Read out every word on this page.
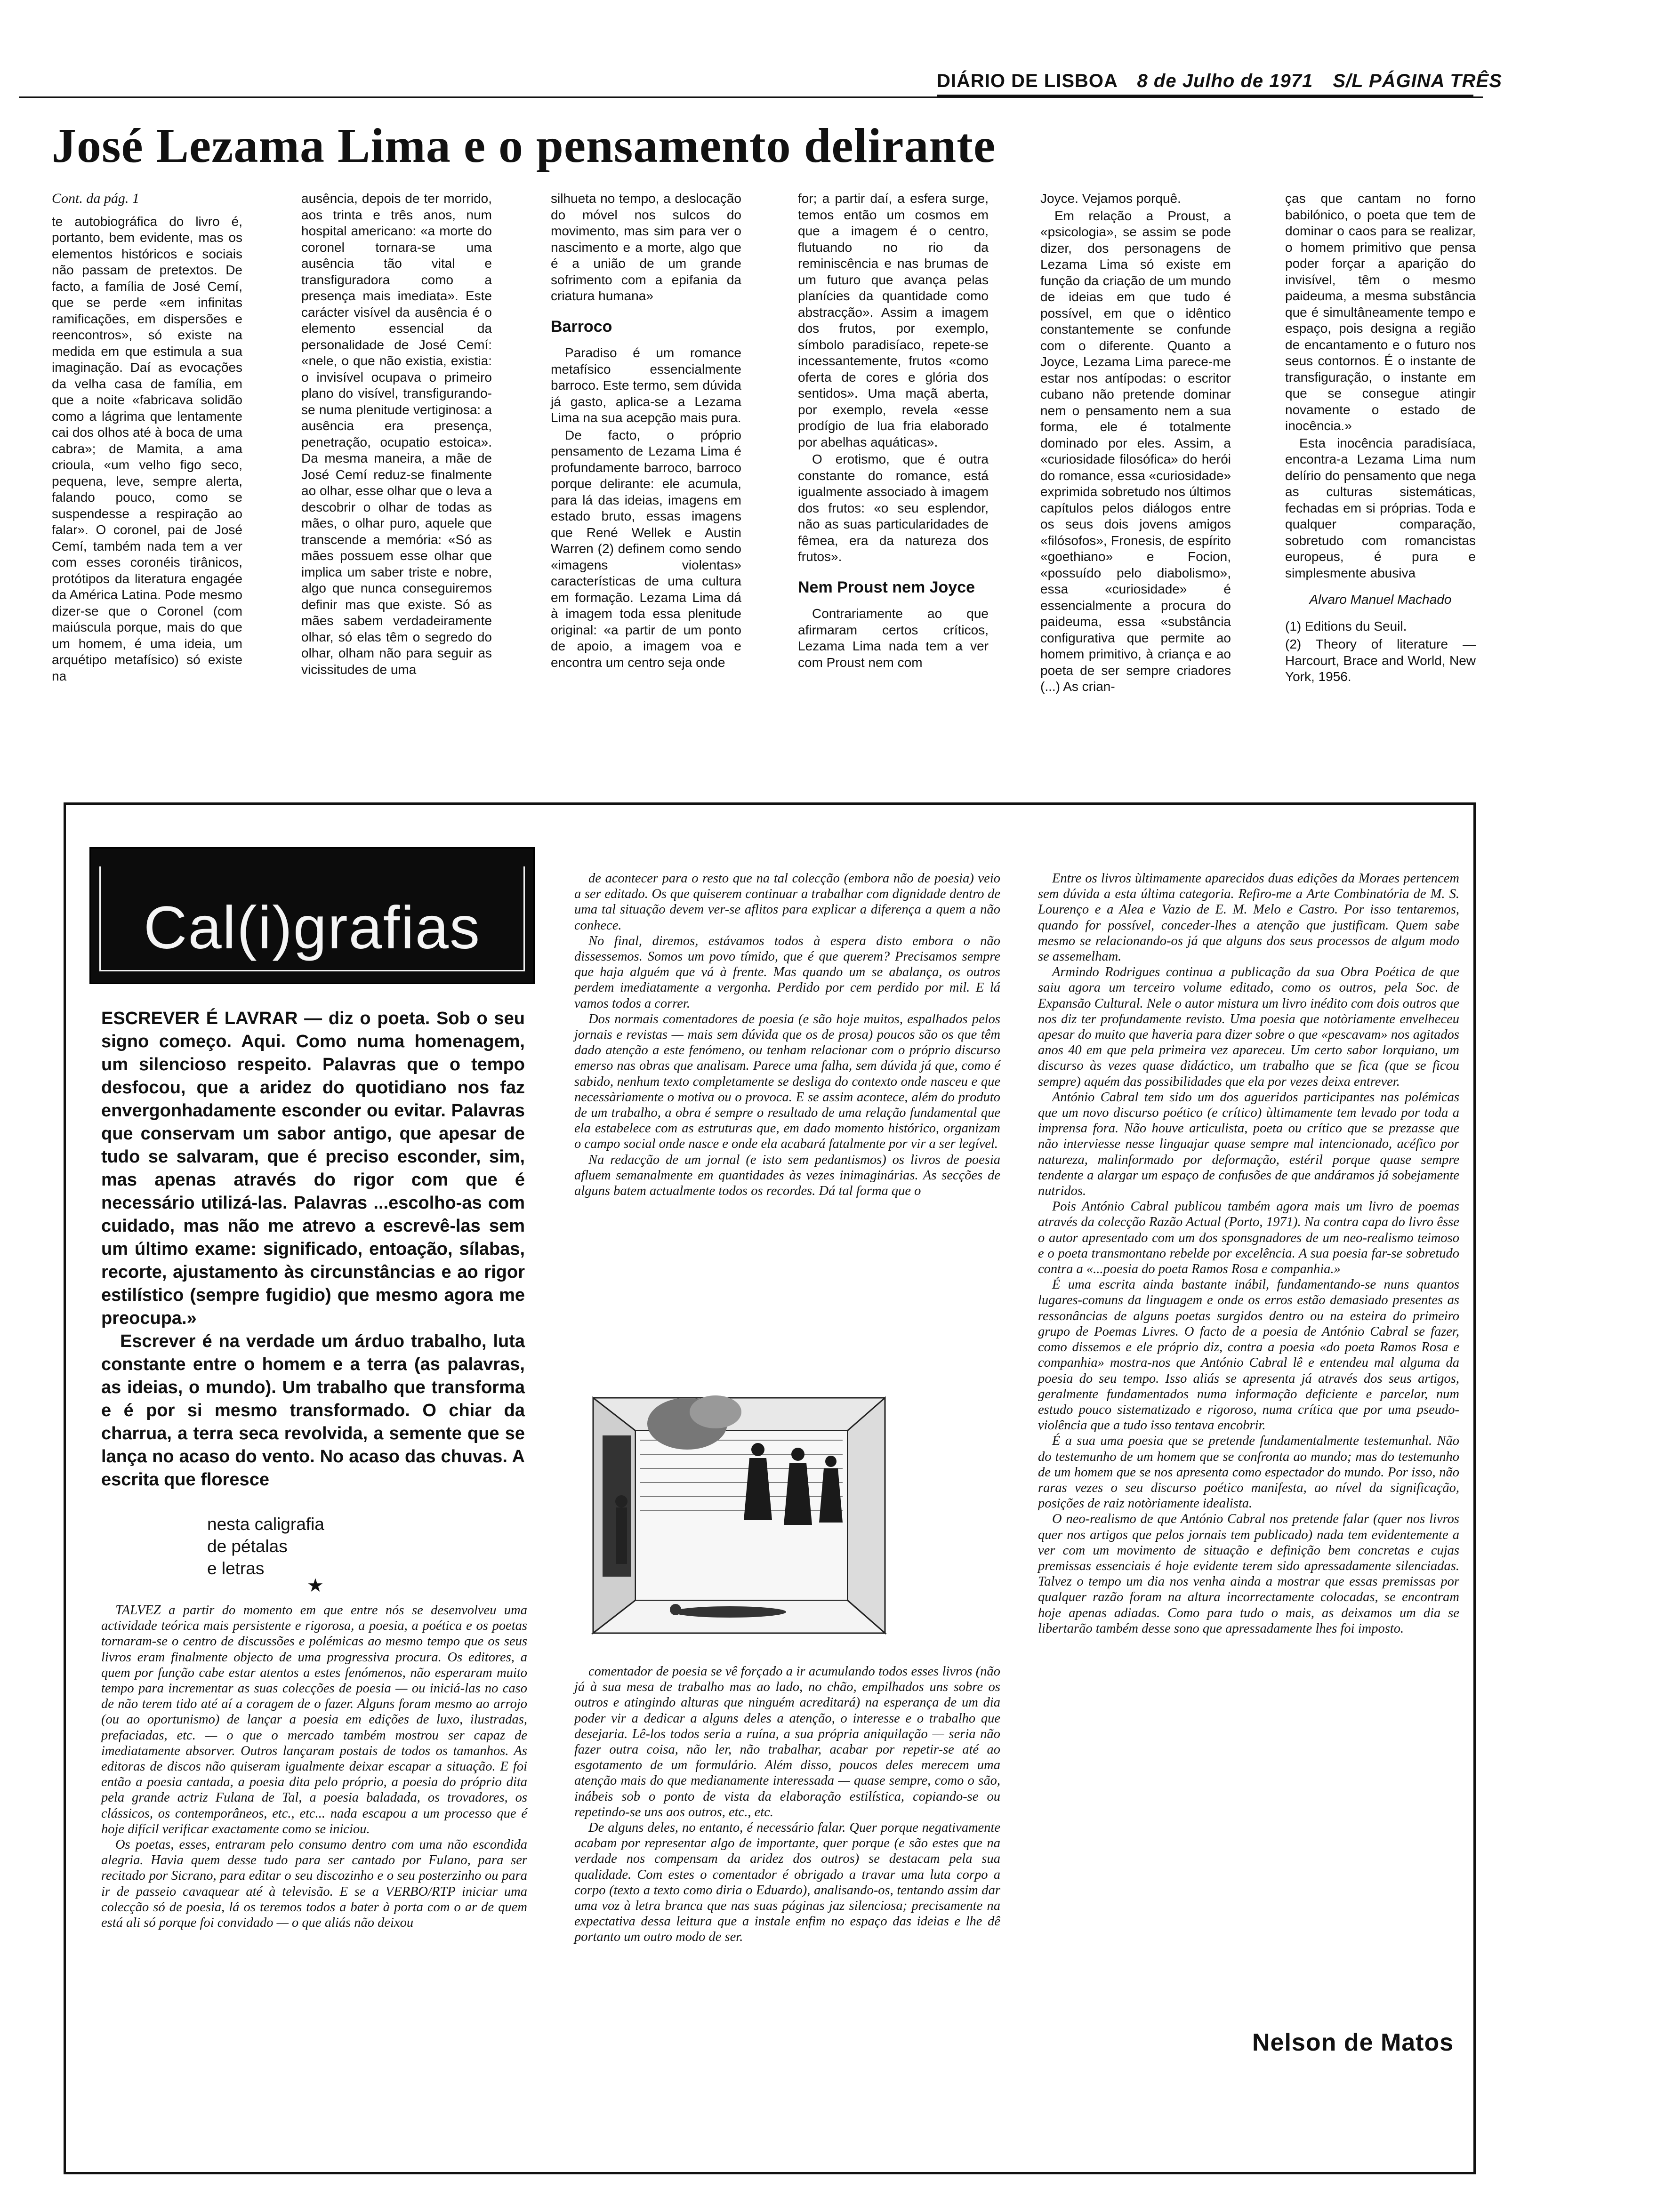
DIÁRIO DE LISBOA 8 de Julho de 1971 S/L PÁGINA TRÊS
José Lezama Lima e o pensamento delirante
Cont. da pág. 1

te autobiográfica do livro é, portanto, bem evidente, mas os elementos históricos e sociais não passam de pretextos. De facto, a família de José Cemí, que se perde «em infinitas ramificações, em dispersões e reencontros», só existe na medida em que estimula a sua imaginação. Daí as evocações da velha casa de família, em que a noite «fabricava solidão como a lágrima que lentamente cai dos olhos até à boca de uma cabra»; de Mamita, a ama crioula, «um velho figo seco, pequena, leve, sempre alerta, falando pouco, como se suspendesse a respiração ao falar». O coronel, pai de José Cemí, também nada tem a ver com esses coronéis tirânicos, protótipos da literatura engagée da América Latina. Pode mesmo dizer-se que o Coronel (com maiúscula porque, mais do que um homem, é uma ideia, um arquétipo metafísico) só existe na

ausência, depois de ter morrido, aos trinta e três anos, num hospital americano: «a morte do coronel tornara-se uma ausência tão vital e transfiguradora como a presença mais imediata». Este carácter visível da ausência é o elemento essencial da personalidade de José Cemí: «nele, o que não existia, existia: o invisível ocupava o primeiro plano do visível, transfigurando-se numa plenitude vertiginosa: a ausência era presença, penetração, ocupatio estoica». Da mesma maneira, a mãe de José Cemí reduz-se finalmente ao olhar, esse olhar que o leva a descobrir o olhar de todas as mães, o olhar puro, aquele que transcende a memória: «Só as mães possuem esse olhar que implica um saber triste e nobre, algo que nunca conseguiremos definir mas que existe. Só as mães sabem verdadeiramente olhar, só elas têm o segredo do olhar, olham não para seguir as vicissitudes de uma

silhueta no tempo, a deslocação do móvel nos sulcos do movimento, mas sim para ver o nascimento e a morte, algo que é a união de um grande sofrimento com a epifania da criatura humana»

Barroco

Paradiso é um romance metafísico essencialmente barroco. Este termo, sem dúvida já gasto, aplica-se a Lezama Lima na sua acepção mais pura.

De facto, o próprio pensamento de Lezama Lima é profundamente barroco, barroco porque delirante: ele acumula, para lá das ideias, imagens em estado bruto, essas imagens que René Wellek e Austin Warren (2) definem como sendo «imagens violentas» características de uma cultura em formação. Lezama Lima dá à imagem toda essa plenitude original: «a partir de um ponto de apoio, a imagem voa e encontra um centro seja onde

for; a partir daí, a esfera surge, temos então um cosmos em que a imagem é o centro, flutuando no rio da reminiscência e nas brumas de um futuro que avança pelas planícies da quantidade como abstracção». Assim a imagem dos frutos, por exemplo, símbolo paradisíaco, repete-se incessantemente, frutos «como oferta de cores e glória dos sentidos». Uma maçã aberta, por exemplo, revela «esse prodígio de lua fria elaborado por abelhas aquáticas».

O erotismo, que é outra constante do romance, está igualmente associado à imagem dos frutos: «o seu esplendor, não as suas particularidades de fêmea, era da natureza dos frutos».

Nem Proust nem Joyce

Contrariamente ao que afirmaram certos críticos, Lezama Lima nada tem a ver com Proust nem com

Joyce. Vejamos porquê.

Em relação a Proust, a «psicologia», se assim se pode dizer, dos personagens de Lezama Lima só existe em função da criação de um mundo de ideias em que tudo é possível, em que o idêntico constantemente se confunde com o diferente. Quanto a Joyce, Lezama Lima parece-me estar nos antípodas: o escritor cubano não pretende dominar nem o pensamento nem a sua forma, ele é totalmente dominado por eles. Assim, a «curiosidade filosófica» do herói do romance, essa «curiosidade» exprimida sobretudo nos últimos capítulos pelos diálogos entre os seus dois jovens amigos «filósofos», Fronesis, de espírito «goethiano» e Focion, «possuído pelo diabolismo», essa «curiosidade» é essencialmente a procura do paideuma, essa «substância configurativa que permite ao homem primitivo, à criança e ao poeta de ser sempre criadores (...) As crian-

ças que cantam no forno babilónico, o poeta que tem de dominar o caos para se realizar, o homem primitivo que pensa poder forçar a aparição do invisível, têm o mesmo paideuma, a mesma substância que é simultâneamente tempo e espaço, pois designa a região de encantamento e o futuro nos seus contornos. É o instante de transfiguração, o instante em que se consegue atingir novamente o estado de inocência.»

Esta inocência paradisíaca, encontra-a Lezama Lima num delírio do pensamento que nega as culturas sistemáticas, fechadas em si próprias. Toda e qualquer comparação, sobretudo com romancistas europeus, é pura e simplesmente abusiva

Alvaro Manuel Machado
(1) Editions du Seuil.
(2) Theory of literature — Harcourt, Brace and World, New York, 1956.
Cal(i)grafias

ESCREVER É LAVRAR — diz o poeta. Sob o seu signo começo. Aqui. Como numa homenagem, um silencioso respeito. Palavras que o tempo desfocou, que a aridez do quotidiano nos faz envergonhadamente esconder ou evitar. Palavras que conservam um sabor antigo, que apesar de tudo se salvaram, que é preciso esconder, sim, mas apenas através do rigor com que é necessário utilizá-las. Palavras ...escolho-as com cuidado, mas não me atrevo a escrevê-las sem um último exame: significado, entoação, sílabas, recorte, ajustamento às circunstâncias e ao rigor estilístico (sempre fugidio) que mesmo agora me preocupa.»

Escrever é na verdade um árduo trabalho, luta constante entre o homem e a terra (as palavras, as ideias, o mundo). Um trabalho que transforma e é por si mesmo transformado. O chiar da charrua, a terra seca revolvida, a semente que se lança no acaso do vento. No acaso das chuvas. A escrita que floresce

nesta caligrafia
de pétalas
e letras
★

TALVEZ a partir do momento em que entre nós se desenvolveu uma actividade teórica mais persistente e rigorosa, a poesia, a poética e os poetas tornaram-se o centro de discussões e polémicas ao mesmo tempo que os seus livros eram finalmente objecto de uma progressiva procura. Os editores, a quem por função cabe estar atentos a estes fenómenos, não esperaram muito tempo para incrementar as suas colecções de poesia — ou iniciá-las no caso de não terem tido até aí a coragem de o fazer. Alguns foram mesmo ao arrojo (ou ao oportunismo) de lançar a poesia em edições de luxo, ilustradas, prefaciadas, etc. — o que o mercado também mostrou ser capaz de imediatamente absorver. Outros lançaram postais de todos os tamanhos. As editoras de discos não quiseram igualmente deixar escapar a situação. E foi então a poesia cantada, a poesia dita pelo próprio, a poesia do próprio dita pela grande actriz Fulana de Tal, a poesia baladada, os trovadores, os clássicos, os contemporâneos, etc., etc... nada escapou a um processo que é hoje difícil verificar exactamente como se iniciou.

Os poetas, esses, entraram pelo consumo dentro com uma não escondida alegria. Havia quem desse tudo para ser cantado por Fulano, para ser recitado por Sicrano, para editar o seu discozinho e o seu posterzinho ou para ir de passeio cavaquear até à televisão. E se a VERBO/RTP iniciar uma colecção só de poesia, lá os teremos todos a bater à porta com o ar de quem está ali só porque foi convidado — o que aliás não deixou

de acontecer para o resto que na tal colecção (embora não de poesia) veio a ser editado. Os que quiserem continuar a trabalhar com dignidade dentro de uma tal situação devem ver-se aflitos para explicar a diferença a quem a não conhece.

No final, diremos, estávamos todos à espera disto embora o não dissessemos. Somos um povo tímido, que é que querem? Precisamos sempre que haja alguém que vá à frente. Mas quando um se abalança, os outros perdem imediatamente a vergonha. Perdido por cem perdido por mil. E lá vamos todos a correr.

Dos normais comentadores de poesia (e são hoje muitos, espalhados pelos jornais e revistas — mais sem dúvida que os de prosa) poucos são os que têm dado atenção a este fenómeno, ou tenham relacionar com o próprio discurso emerso nas obras que analisam. Parece uma falha, sem dúvida já que, como é sabido, nenhum texto completamente se desliga do contexto onde nasceu e que necessàriamente o motiva ou o provoca. E se assim acontece, além do produto de um trabalho, a obra é sempre o resultado de uma relação fundamental que ela estabelece com as estruturas que, em dado momento histórico, organizam o campo social onde nasce e onde ela acabará fatalmente por vir a ser legível.

Na redacção de um jornal (e isto sem pedantismos) os livros de poesia afluem semanalmente em quantidades às vezes inimaginárias. As secções de alguns batem actualmente todos os recordes. Dá tal forma que o

comentador de poesia se vê forçado a ir acumulando todos esses livros (não já à sua mesa de trabalho mas ao lado, no chão, empilhados uns sobre os outros e atingindo alturas que ninguém acreditará) na esperança de um dia poder vir a dedicar a alguns deles a atenção, o interesse e o trabalho que desejaria. Lê-los todos seria a ruína, a sua própria aniquilação — seria não fazer outra coisa, não ler, não trabalhar, acabar por repetir-se até ao esgotamento de um formulário. Além disso, poucos deles merecem uma atenção mais do que medianamente interessada — quase sempre, como o são, inábeis sob o ponto de vista da elaboração estilística, copiando-se ou repetindo-se uns aos outros, etc., etc.

De alguns deles, no entanto, é necessário falar. Quer porque negativamente acabam por representar algo de importante, quer porque (e são estes que na verdade nos compensam da aridez dos outros) se destacam pela sua qualidade. Com estes o comentador é obrigado a travar uma luta corpo a corpo (texto a texto como diria o Eduardo), analisando-os, tentando assim dar uma voz à letra branca que nas suas páginas jaz silenciosa; precisamente na expectativa dessa leitura que a instale enfim no espaço das ideias e lhe dê portanto um outro modo de ser.

Entre os livros ùltimamente aparecidos duas edições da Moraes pertencem sem dúvida a esta última categoria. Refiro-me a Arte Combinatória de M. S. Lourenço e a Alea e Vazio de E. M. Melo e Castro. Por isso tentaremos, quando for possível, conceder-lhes a atenção que justificam. Quem sabe mesmo se relacionando-os já que alguns dos seus processos de algum modo se assemelham.

Armindo Rodrigues continua a publicação da sua Obra Poética de que saiu agora um terceiro volume editado, como os outros, pela Soc. de Expansão Cultural. Nele o autor mistura um livro inédito com dois outros que nos diz ter profundamente revisto. Uma poesia que notòriamente envelheceu apesar do muito que haveria para dizer sobre o que «pescavam» nos agitados anos 40 em que pela primeira vez apareceu. Um certo sabor lorquiano, um discurso às vezes quase didáctico, um trabalho que se fica (que se ficou sempre) aquém das possibilidades que ela por vezes deixa entrever.

António Cabral tem sido um dos agueridos participantes nas polémicas que um novo discurso poético (e crítico) ùltimamente tem levado por toda a imprensa fora. Não houve articulista, poeta ou crítico que se prezasse que não interviesse nesse linguajar quase sempre mal intencionado, acéfico por natureza, malinformado por deformação, estéril porque quase sempre tendente a alargar um espaço de confusões de que andáramos já sobejamente nutridos.

Pois António Cabral publicou também agora mais um livro de poemas através da colecção Razão Actual (Porto, 1971). Na contra capa do livro êsse o autor apresentado com um dos sponsgnadores de um neo-realismo teimoso e o poeta transmontano rebelde por excelência. A sua poesia far-se sobretudo contra a «...poesia do poeta Ramos Rosa e companhia.»

É uma escrita ainda bastante inábil, fundamentando-se nuns quantos lugares-comuns da linguagem e onde os erros estão demasiado presentes as ressonâncias de alguns poetas surgidos dentro ou na esteira do primeiro grupo de Poemas Livres. O facto de a poesia de António Cabral se fazer, como dissemos e ele próprio diz, contra a poesia «do poeta Ramos Rosa e companhia» mostra-nos que António Cabral lê e entendeu mal alguma da poesia do seu tempo. Isso aliás se apresenta já através dos seus artigos, geralmente fundamentados numa informação deficiente e parcelar, num estudo pouco sistematizado e rigoroso, numa crítica que por uma pseudo-violência que a tudo isso tentava encobrir.

É a sua uma poesia que se pretende fundamentalmente testemunhal. Não do testemunho de um homem que se confronta ao mundo; mas do testemunho de um homem que se nos apresenta como espectador do mundo. Por isso, não raras vezes o seu discurso poético manifesta, ao nível da significação, posições de raiz notòriamente idealista.

O neo-realismo de que António Cabral nos pretende falar (quer nos livros quer nos artigos que pelos jornais tem publicado) nada tem evidentemente a ver com um movimento de situação e definição bem concretas e cujas premissas essenciais é hoje evidente terem sido apressadamente silenciadas. Talvez o tempo um dia nos venha ainda a mostrar que essas premissas por qualquer razão foram na altura incorrectamente colocadas, se encontram hoje apenas adiadas. Como para tudo o mais, as deixamos um dia se libertarão também desse sono que apressadamente lhes foi imposto.

Nelson de Matos
